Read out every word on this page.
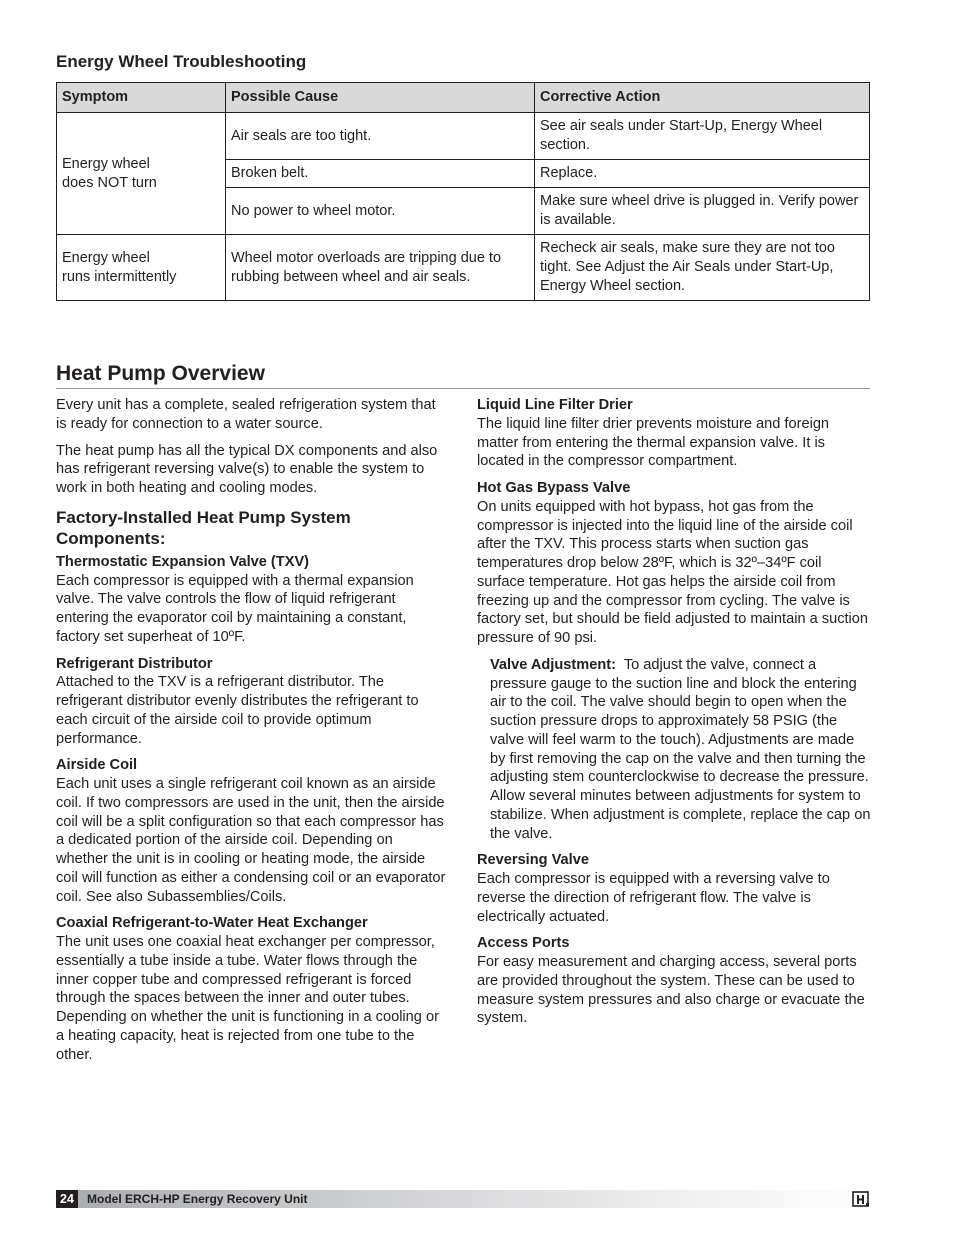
Energy Wheel Troubleshooting
Symptom	Possible Cause	Corrective Action
Energy wheel
does NOT turn	Air seals are too tight.	See air seals under Start-Up, Energy Wheel section.
	Broken belt.	Replace.
	No power to wheel motor.	Make sure wheel drive is plugged in. Verify power is available.
Energy wheel
runs intermittently	Wheel motor overloads are tripping due to rubbing between wheel and air seals.	Recheck air seals, make sure they are not too tight. See Adjust the Air Seals under Start-Up, Energy Wheel section.
Heat Pump Overview

Every unit has a complete, sealed refrigeration system that is ready for connection to a water source.

The heat pump has all the typical DX components and also has refrigerant reversing valve(s) to enable the system to work in both heating and cooling modes.

Factory-Installed Heat Pump System Components:
Thermostatic Expansion Valve (TXV)
Each compressor is equipped with a thermal expansion valve. The valve controls the flow of liquid refrigerant entering the evaporator coil by maintaining a constant, factory set superheat of 10ºF.
Refrigerant Distributor
Attached to the TXV is a refrigerant distributor. The refrigerant distributor evenly distributes the refrigerant to each circuit of the airside coil to provide optimum performance.
Airside Coil
Each unit uses a single refrigerant coil known as an airside coil. If two compressors are used in the unit, then the airside coil will be a split configuration so that each compressor has a dedicated portion of the airside coil. Depending on whether the unit is in cooling or heating mode, the airside coil will function as either a condensing coil or an evaporator coil. See also Subassemblies/Coils.
Coaxial Refrigerant-to-Water Heat Exchanger
The unit uses one coaxial heat exchanger per compressor, essentially a tube inside a tube. Water flows through the inner copper tube and compressed refrigerant is forced through the spaces between the inner and outer tubes. Depending on whether the unit is functioning in a cooling or a heating capacity, heat is rejected from one tube to the other.
Liquid Line Filter Drier
The liquid line filter drier prevents moisture and foreign matter from entering the thermal expansion valve. It is located in the compressor compartment.
Hot Gas Bypass Valve
On units equipped with hot bypass, hot gas from the compressor is injected into the liquid line of the airside coil after the TXV. This process starts when suction gas temperatures drop below 28ºF, which is 32º–34ºF coil surface temperature. Hot gas helps the airside coil from freezing up and the compressor from cycling. The valve is factory set, but should be field adjusted to maintain a suction pressure of 90 psi.
Valve Adjustment: To adjust the valve, connect a pressure gauge to the suction line and block the entering air to the coil. The valve should begin to open when the suction pressure drops to approximately 58 PSIG (the valve will feel warm to the touch). Adjustments are made by first removing the cap on the valve and then turning the adjusting stem counterclockwise to decrease the pressure. Allow several minutes between adjustments for system to stabilize. When adjustment is complete, replace the cap on the valve.
Reversing Valve
Each compressor is equipped with a reversing valve to reverse the direction of refrigerant flow. The valve is electrically actuated.
Access Ports
For easy measurement and charging access, several ports are provided throughout the system. These can be used to measure system pressures and also charge or evacuate the system.
24	Model ERCH-HP Energy Recovery Unit
